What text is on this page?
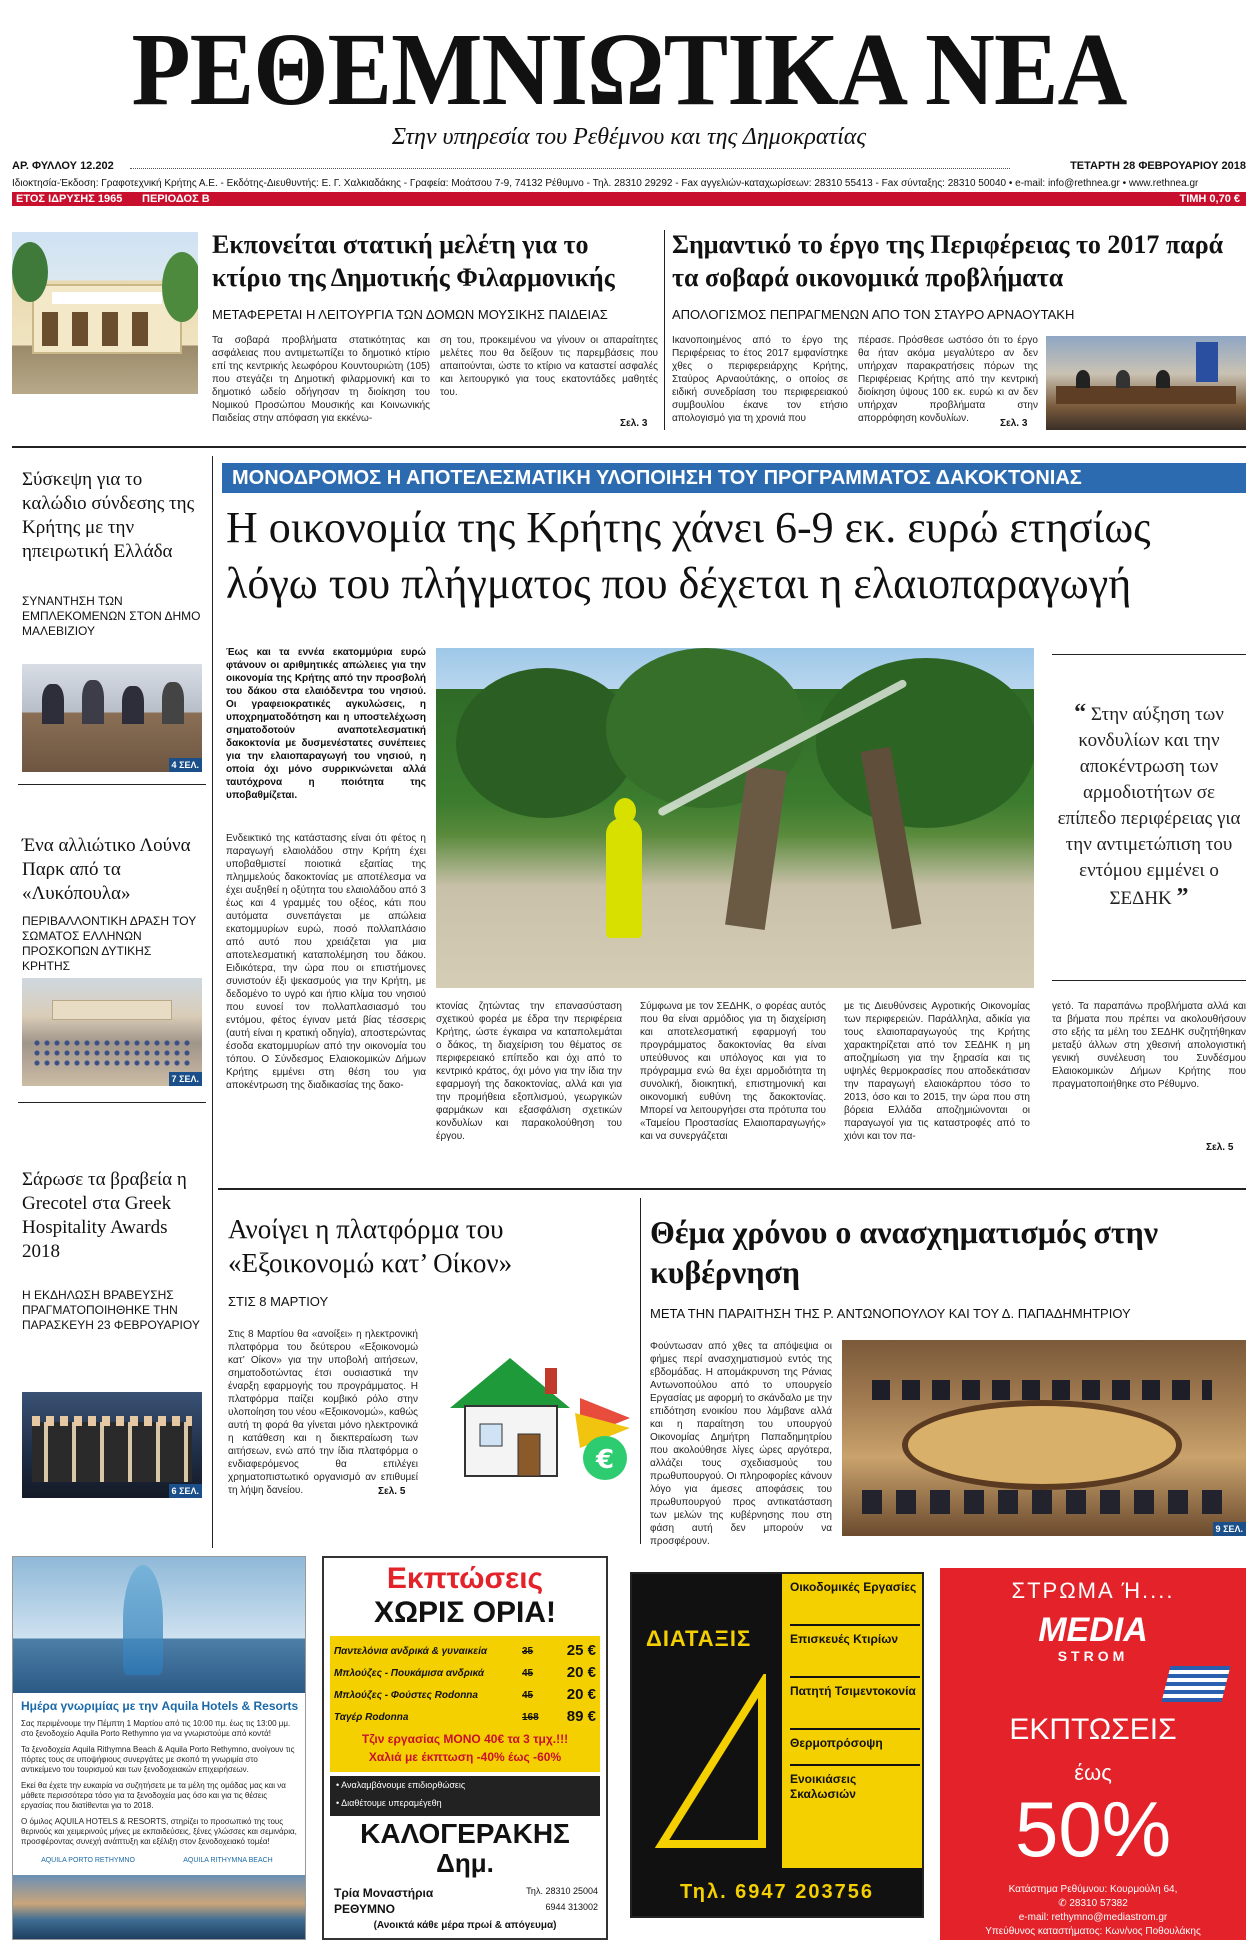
ΡΕΘΕΜΝΙΩΤΙΚΑ ΝΕΑ
Στην υπηρεσία του Ρεθέμνου και της Δημοκρατίας
ΑΡ. ΦΥΛΛΟΥ 12.202	ΤΕΤΑΡΤΗ 28 ΦΕΒΡΟΥΑΡΙΟΥ 2018
Ιδιοκτησία-Έκδοση: Γραφοτεχνική Κρήτης Α.Ε. - Εκδότης-Διευθυντής: Ε. Γ. Χαλκιαδάκης - Γραφεία: Μοάτσου 7-9, 74132 Ρέθυμνο - Τηλ. 28310 29292 - Fax αγγελιών-καταχωρίσεων: 28310 55413 - Fax σύνταξης: 28310 50040 • e-mail: info@rethnea.gr • www.rethnea.gr
ΕΤΟΣ ΙΔΡΥΣΗΣ 1965 ΠΕΡΙΟΔΟΣ Β	ΤΙΜΗ 0,70 €
Εκπονείται στατική μελέτη για το κτίριο της Δημοτικής Φιλαρμονικής
ΜΕΤΑΦΕΡΕΤΑΙ Η ΛΕΙΤΟΥΡΓΙΑ ΤΩΝ ΔΟΜΩΝ ΜΟΥΣΙΚΗΣ ΠΑΙΔΕΙΑΣ
Τα σοβαρά προβλήματα στατικότητας και ασφάλειας που αντιμετωπίζει το δημοτικό κτίριο επί της κεντρικής λεωφόρου Κουντουριώτη (105) που στεγάζει τη Δημοτική φιλαρμονική και το δημοτικό ωδείο οδήγησαν τη διοίκηση του Νομικού Προσώπου Μουσικής και Κοινωνικής Παιδείας στην απόφαση για εκκένω-
ση του, προκειμένου να γίνουν οι απαραίτητες μελέτες που θα δείξουν τις παρεμβάσεις που απαιτούνται, ώστε το κτίριο να καταστεί ασφαλές και λειτουργικό για τους εκατοντάδες μαθητές του.
Σελ. 3
Σημαντικό το έργο της Περιφέρειας το 2017 παρά τα σοβαρά οικονομικά προβλήματα
ΑΠΟΛΟΓΙΣΜΟΣ ΠΕΠΡΑΓΜΕΝΩΝ ΑΠΟ ΤΟΝ ΣΤΑΥΡΟ ΑΡΝΑΟΥΤΑΚΗ
Ικανοποιημένος από το έργο της Περιφέρειας το έτος 2017 εμφανίστηκε χθες ο περιφερειάρχης Κρήτης, Σταύρος Αρναούτάκης, ο οποίος σε ειδική συνεδρίαση του περιφερειακού συμβουλίου έκανε τον ετήσιο απολογισμό για τη χρονιά που
πέρασε. Πρόσθεσε ωστόσο ότι το έργο θα ήταν ακόμα μεγαλύτερο αν δεν υπήρχαν παρακρατήσεις πόρων της Περιφέρειας Κρήτης από την κεντρική διοίκηση ύψους 100 εκ. ευρώ κι αν δεν υπήρχαν προβλήματα στην απορρόφηση κονδυλίων.	Σελ. 3
Σύσκεψη για το καλώδιο σύνδεσης της Κρήτης με την ηπειρωτική Ελλάδα
ΣΥΝΑΝΤΗΣΗ ΤΩΝ ΕΜΠΛΕΚΟΜΕΝΩΝ ΣΤΟΝ ΔΗΜΟ ΜΑΛΕΒΙΖΙΟΥ
4 ΣΕΛ.
Ένα αλλιώτικο Λούνα Παρκ από τα «Λυκόπουλα»
ΠΕΡΙΒΑΛΛΟΝΤΙΚΗ ΔΡΑΣΗ ΤΟΥ ΣΩΜΑΤΟΣ ΕΛΛΗΝΩΝ ΠΡΟΣΚΟΠΩΝ ΔΥΤΙΚΗΣ ΚΡΗΤΗΣ
7 ΣΕΛ.
Σάρωσε τα βραβεία η Grecotel στα Greek Hospitality Awards 2018
Η ΕΚΔΗΛΩΣΗ ΒΡΑΒΕΥΣΗΣ ΠΡΑΓΜΑΤΟΠΟΙΗΘΗΚΕ ΤΗΝ ΠΑΡΑΣΚΕΥΗ 23 ΦΕΒΡΟΥΑΡΙΟΥ
6 ΣΕΛ.
ΜΟΝΟΔΡΟΜΟΣ Η ΑΠΟΤΕΛΕΣΜΑΤΙΚΗ ΥΛΟΠΟΙΗΣΗ ΤΟΥ ΠΡΟΓΡΑΜΜΑΤΟΣ ΔΑΚΟΚΤΟΝΙΑΣ
Η οικονομία της Κρήτης χάνει 6-9 εκ. ευρώ ετησίως
λόγω του πλήγματος που δέχεται η ελαιοπαραγωγή
Έως και τα εννέα εκατομμύρια ευρώ φτάνουν οι αριθμητικές απώλειες για την οικονομία της Κρήτης από την προσβολή του δάκου στα ελαιόδεντρα του νησιού. Οι γραφειοκρατικές αγκυλώσεις, η υποχρηματοδότηση και η υποστελέχωση σηματοδοτούν αναποτελεσματική δακοκτονία με δυσμενέστατες συνέπειες για την ελαιοπαραγωγή του νησιού, η οποία όχι μόνο συρρικνώνεται αλλά ταυτόχρονα η ποιότητα της υποβαθμίζεται.
Ενδεικτικό της κατάστασης είναι ότι φέτος η παραγωγή ελαιολάδου στην Κρήτη έχει υποβαθμιστεί ποιοτικά εξαιτίας της πλημμελούς δακοκτονίας με αποτέλεσμα να έχει αυξηθεί η οξύτητα του ελαιολάδου από 3 έως και 4 γραμμές του οξέος, κάτι που αυτόματα συνεπάγεται με απώλεια εκατομμυρίων ευρώ, ποσό πολλαπλάσιο από αυτό που χρειάζεται για μια αποτελεσματική καταπολέμηση του δάκου. Ειδικότερα, την ώρα που οι επιστήμονες συνιστούν έξι ψεκασμούς για την Κρήτη, με δεδομένο το υγρό και ήπιο κλίμα του νησιού που ευνοεί τον πολλαπλασιασμό του εντόμου, φέτος έγιναν μετά βίας τέσσερις (αυτή είναι η κρατική οδηγία), αποστερώντας έσοδα εκατομμυρίων από την οικονομία του τόπου. Ο Σύνδεσμος Ελαιοκομικών Δήμων Κρήτης εμμένει στη θέση του για αποκέντρωση της διαδικασίας της δακο-
κτονίας ζητώντας την επανασύσταση σχετικού φορέα με έδρα την περιφέρεια Κρήτης, ώστε έγκαιρα να καταπολεμάται ο δάκος, τη διαχείριση του θέματος σε περιφερειακό επίπεδο και όχι από το κεντρικό κράτος, όχι μόνο για την ίδια την εφαρμογή της δακοκτονίας, αλλά και για την προμήθεια εξοπλισμού, γεωργικών φαρμάκων και εξασφάλιση σχετικών κονδυλίων και παρακολούθηση του έργου.
Σύμφωνα με τον ΣΕΔΗΚ, ο φορέας αυτός που θα είναι αρμόδιος για τη διαχείριση και αποτελεσματική εφαρμογή του προγράμματος δακοκτονίας θα είναι υπεύθυνος και υπόλογος και για το πρόγραμμα ενώ θα έχει αρμοδιότητα τη συνολική, διοικητική, επιστημονική και οικονομική ευθύνη της δακοκτονίας. Μπορεί να λειτουργήσει στα πρότυπα του «Ταμείου Προστασίας Ελαιοπαραγωγής» και να συνεργάζεται
με τις Διευθύνσεις Αγροτικής Οικονομίας των περιφερειών. Παράλληλα, αδικία για τους ελαιοπαραγωγούς της Κρήτης χαρακτηρίζεται από τον ΣΕΔΗΚ η μη αποζημίωση για την ξηρασία και τις υψηλές θερμοκρασίες που αποδεκάτισαν την παραγωγή ελαιοκάρπου τόσο το 2013, όσο και το 2015, την ώρα που στη βόρεια Ελλάδα αποζημιώνονται οι παραγωγοί για τις καταστροφές από το χιόνι και τον πα-
“ Στην αύξηση των κονδυλίων και την αποκέντρωση των αρμοδιοτήτων σε επίπεδο περιφέρειας για την αντιμετώπιση του εντόμου εμμένει ο ΣΕΔΗΚ ”
γετό. Τα παραπάνω προβλήματα αλλά και τα βήματα που πρέπει να ακολουθήσουν στο εξής τα μέλη του ΣΕΔΗΚ συζητήθηκαν μεταξύ άλλων στη χθεσινή απολογιστική γενική συνέλευση του Συνδέσμου Ελαιοκομικών Δήμων Κρήτης που πραγματοποιήθηκε στο Ρέθυμνο.
Σελ. 5
Ανοίγει η πλατφόρμα του «Εξοικονομώ κατ’ Οίκον»
ΣΤΙΣ 8 ΜΑΡΤΙΟΥ
Στις 8 Μαρτίου θα «ανοίξει» η ηλεκτρονική πλατφόρμα του δεύτερου «Εξοικονομώ κατ’ Οίκον» για την υποβολή αιτήσεων, σηματοδοτώντας έτσι ουσιαστικά την έναρξη εφαρμογής του προγράμματος. Η πλατφόρμα παίζει κομβικό ρόλο στην υλοποίηση του νέου «Εξοικονομώ», καθώς αυτή τη φορά θα γίνεται μόνο ηλεκτρονικά η κατάθεση και η διεκπεραίωση των αιτήσεων, ενώ από την ίδια πλατφόρμα ο ενδιαφερόμενος θα επιλέγει χρηματοπιστωτικό οργανισμό αν επιθυμεί τη λήψη δανείου.	Σελ. 5
€
Θέμα χρόνου ο ανασχηματισμός στην κυβέρνηση
ΜΕΤΑ ΤΗΝ ΠΑΡΑΙΤΗΣΗ ΤΗΣ Ρ. ΑΝΤΩΝΟΠΟΥΛΟΥ ΚΑΙ ΤΟΥ Δ. ΠΑΠΑΔΗΜΗΤΡΙΟΥ
Φούντωσαν από χθες τα απόψεψια οι φήμες περί ανασχηματισμού εντός της εβδομάδας. Η απομάκρυνση της Ράνιας Αντωνοπούλου από το υπουργείο Εργασίας με αφορμή το σκάνδαλο με την επιδότηση ενοικίου που λάμβανε αλλά και η παραίτηση του υπουργού Οικονομίας Δημήτρη Παπαδημητρίου που ακολούθησε λίγες ώρες αργότερα, αλλάζει τους σχεδιασμούς του πρωθυπουργού. Οι πληροφορίες κάνουν λόγο για άμεσες αποφάσεις του πρωθυπουργού προς αντικατάσταση των μελών της κυβέρνησης που στη φάση αυτή δεν μπορούν να προσφέρουν.
9 ΣΕΛ.
Ημέρα γνωριμίας με την Aquila Hotels & Resorts
Σας περιμένουμε την Πέμπτη 1 Μαρτίου από τις 10:00 πμ. έως τις 13:00 μμ. στο ξενοδοχείο Aquila Porto Rethymno για να γνωριστούμε από κοντά!
Τα ξενοδοχεία Aquila Rithymna Beach & Aquila Porto Rethymno, ανοίγουν τις πόρτες τους σε υποψήφιους συνεργάτες με σκοπό τη γνωριμία στο αντικείμενο του τουρισμού και των ξενοδοχειακών επιχειρήσεων.
Εκεί θα έχετε την ευκαιρία να συζητήσετε με τα μέλη της ομάδας μας και να μάθετε περισσότερα τόσο για τα ξενοδοχεία μας όσο και για τις θέσεις εργασίας που διατίθενται για το 2018.
Ο όμιλος AQUILA HOTELS & RESORTS, στηρίζει το προσωπικό της τους θερινούς και χειμερινούς μήνες με εκπαιδεύσεις, ξένες γλώσσες και σεμινάρια, προσφέροντας συνεχή ανάπτυξη και εξέλιξη στον ξενοδοχειακό τομέα!
AQUILA PORTO RETHYMNO	AQUILA RITHYMNA BEACH
Εκπτώσεις
ΧΩΡΙΣ ΟΡΙΑ!
Παντελόνια ανδρικά & γυναικεία	35 25 €
Μπλούζες - Πουκάμισα ανδρικά	45 20 €
Μπλούζες - Φούστες Rodonna	45 20 €
Ταγέρ Rodonna	168 89 €
Τζιν εργασίας ΜΟΝΟ 40€ τα 3 τμχ.!!!
Χαλιά με έκπτωση -40% έως -60%
• Αναλαμβάνουμε επιδιορθώσεις
• Διαθέτουμε υπεραμέγεθη
ΚΑΛΟΓΕΡΑΚΗΣ
Δημ.
Τρία Μοναστήρια
ΡΕΘΥΜΝΟ
Τηλ. 28310 25004
6944 313002
(Ανοικτά κάθε μέρα πρωί & απόγευμα)
ΔΙΑΤΑΞΙΣ
Οικοδομικές Εργασίες
Επισκευές Κτιρίων
Πατητή Τσιμεντοκονία
Θερμοπρόσοψη
Ενοικιάσεις Σκαλωσιών
Τηλ. 6947 203756
ΣΤΡΩΜΑ Ή....
MEDIA
STROM
ΕΚΠΤΩΣΕΙΣ
έως
50%
Κατάστημα Ρεθύμνου: Κουρμούλη 64,
✆ 28310 57382
e-mail: rethymno@mediastrom.gr
Υπεύθυνος καταστήματος: Κων/νος Ποθουλάκης
